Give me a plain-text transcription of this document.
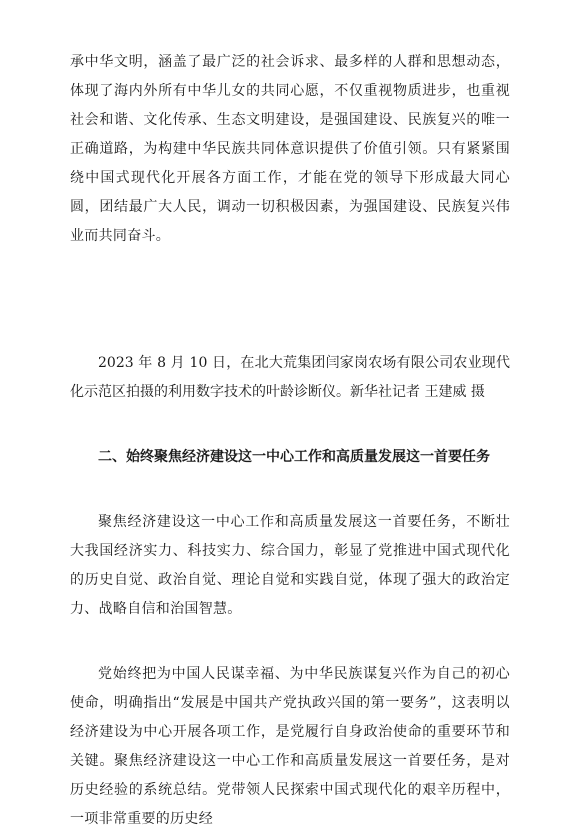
承中华文明，涵盖了最广泛的社会诉求、最多样的人群和思想动态，体现了海内外所有中华儿女的共同心愿，不仅重视物质进步，也重视社会和谐、文化传承、生态文明建设，是强国建设、民族复兴的唯一正确道路，为构建中华民族共同体意识提供了价值引领。只有紧紧围绕中国式现代化开展各方面工作，才能在党的领导下形成最大同心圆，团结最广大人民，调动一切积极因素，为强国建设、民族复兴伟业而共同奋斗。

2023 年 8 月 10 日，在北大荒集团闫家岗农场有限公司农业现代化示范区拍摄的利用数字技术的叶龄诊断仪。新华社记者 王建威 摄

二、始终聚焦经济建设这一中心工作和高质量发展这一首要任务

聚焦经济建设这一中心工作和高质量发展这一首要任务，不断壮大我国经济实力、科技实力、综合国力，彰显了党推进中国式现代化的历史自觉、政治自觉、理论自觉和实践自觉，体现了强大的政治定力、战略自信和治国智慧。

党始终把为中国人民谋幸福、为中华民族谋复兴作为自己的初心使命，明确指出“发展是中国共产党执政兴国的第一要务”，这表明以经济建设为中心开展各项工作，是党履行自身政治使命的重要环节和关键。聚焦经济建设这一中心工作和高质量发展这一首要任务，是对历史经验的系统总结。党带领人民探索中国式现代化的艰辛历程中，一项非常重要的历史经
